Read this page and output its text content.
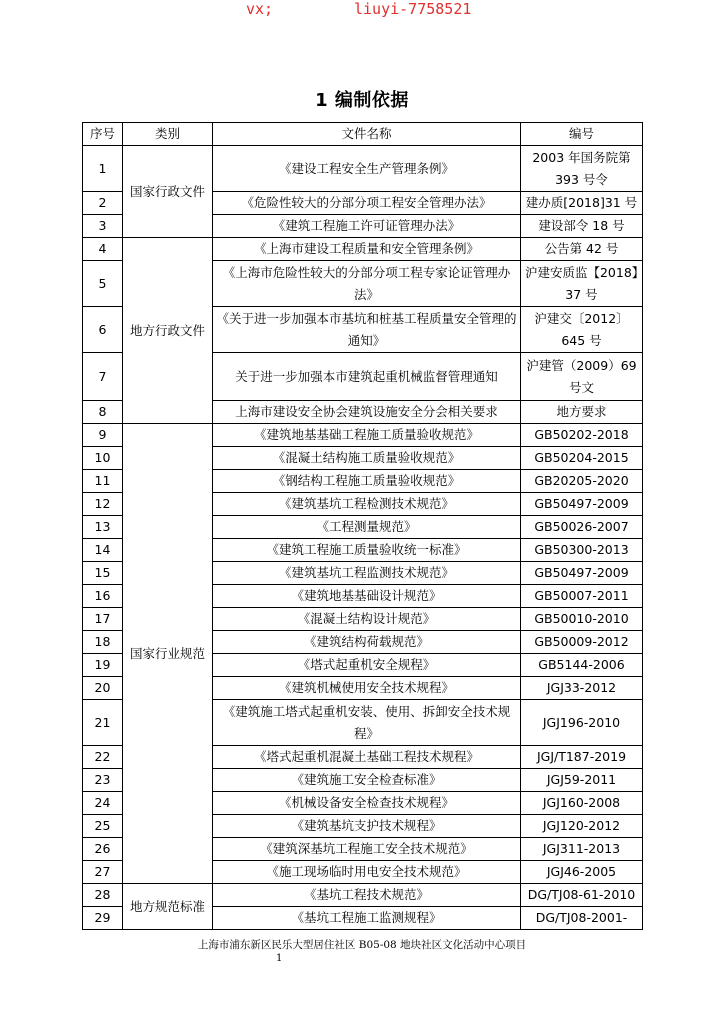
vx;	liuyi-7758521
1 编制依据
序号	类别	文件名称	编号
1	国家行政文件	《建设工程安全生产管理条例》	2003 年国务院第 393 号令
2		《危险性较大的分部分项工程安全管理办法》	建办质[2018]31 号
3		《建筑工程施工许可证管理办法》	建设部令 18 号
4	地方行政文件	《上海市建设工程质量和安全管理条例》	公告第 42 号
5		《上海市危险性较大的分部分项工程专家论证管理办法》	沪建安质监【2018】37 号
6		《关于进一步加强本市基坑和桩基工程质量安全管理的通知》	沪建交〔2012〕645 号
7		关于进一步加强本市建筑起重机械监督管理通知	沪建管（2009）69 号文
8		上海市建设安全协会建筑设施安全分会相关要求	地方要求
9	国家行业规范	《建筑地基基础工程施工质量验收规范》	GB50202-2018
10		《混凝土结构施工质量验收规范》	GB50204-2015
11		《钢结构工程施工质量验收规范》	GB20205-2020
12		《建筑基坑工程检测技术规范》	GB50497-2009
13		《工程测量规范》	GB50026-2007
14		《建筑工程施工质量验收统一标准》	GB50300-2013
15		《建筑基坑工程监测技术规范》	GB50497-2009
16		《建筑地基基础设计规范》	GB50007-2011
17		《混凝土结构设计规范》	GB50010-2010
18		《建筑结构荷载规范》	GB50009-2012
19		《塔式起重机安全规程》	GB5144-2006
20		《建筑机械使用安全技术规程》	JGJ33-2012
21		《建筑施工塔式起重机安装、使用、拆卸安全技术规程》	JGJ196-2010
22		《塔式起重机混凝土基础工程技术规程》	JGJ/T187-2019
23		《建筑施工安全检查标准》	JGJ59-2011
24		《机械设备安全检查技术规程》	JGJ160-2008
25		《建筑基坑支护技术规程》	JGJ120-2012
26		《建筑深基坑工程施工安全技术规范》	JGJ311-2013
27		《施工现场临时用电安全技术规范》	JGJ46-2005
28	地方规范标准	《基坑工程技术规范》	DG/TJ08-61-2010
29		《基坑工程施工监测规程》	DG/TJ08-2001-
上海市浦东新区民乐大型居住社区 B05-08 地块社区文化活动中心项目
1
